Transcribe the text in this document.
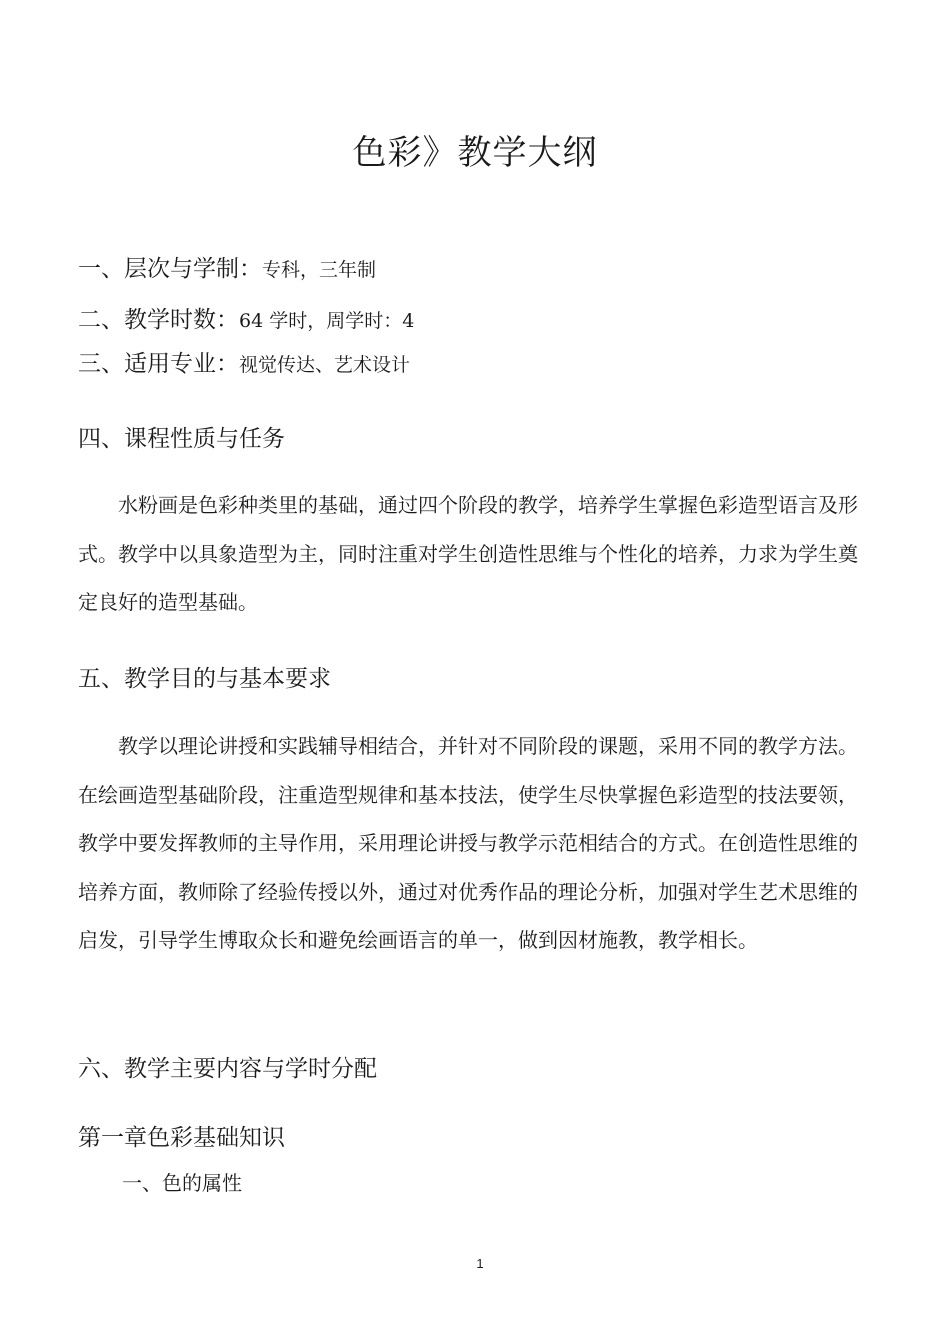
色彩》教学大纲
一、层次与学制：专科，三年制
二、教学时数：64 学时，周学时：4
三、适用专业：视觉传达、艺术设计
四、课程性质与任务

水粉画是色彩种类里的基础，通过四个阶段的教学，培养学生掌握色彩造型语言及形式。教学中以具象造型为主，同时注重对学生创造性思维与个性化的培养，力求为学生奠定良好的造型基础。

五、教学目的与基本要求

教学以理论讲授和实践辅导相结合，并针对不同阶段的课题，采用不同的教学方法。在绘画造型基础阶段，注重造型规律和基本技法，使学生尽快掌握色彩造型的技法要领，教学中要发挥教师的主导作用，采用理论讲授与教学示范相结合的方式。在创造性思维的培养方面，教师除了经验传授以外，通过对优秀作品的理论分析，加强对学生艺术思维的启发，引导学生博取众长和避免绘画语言的单一，做到因材施教，教学相长。

六、教学主要内容与学时分配
第一章色彩基础知识
一、色的属性
1
